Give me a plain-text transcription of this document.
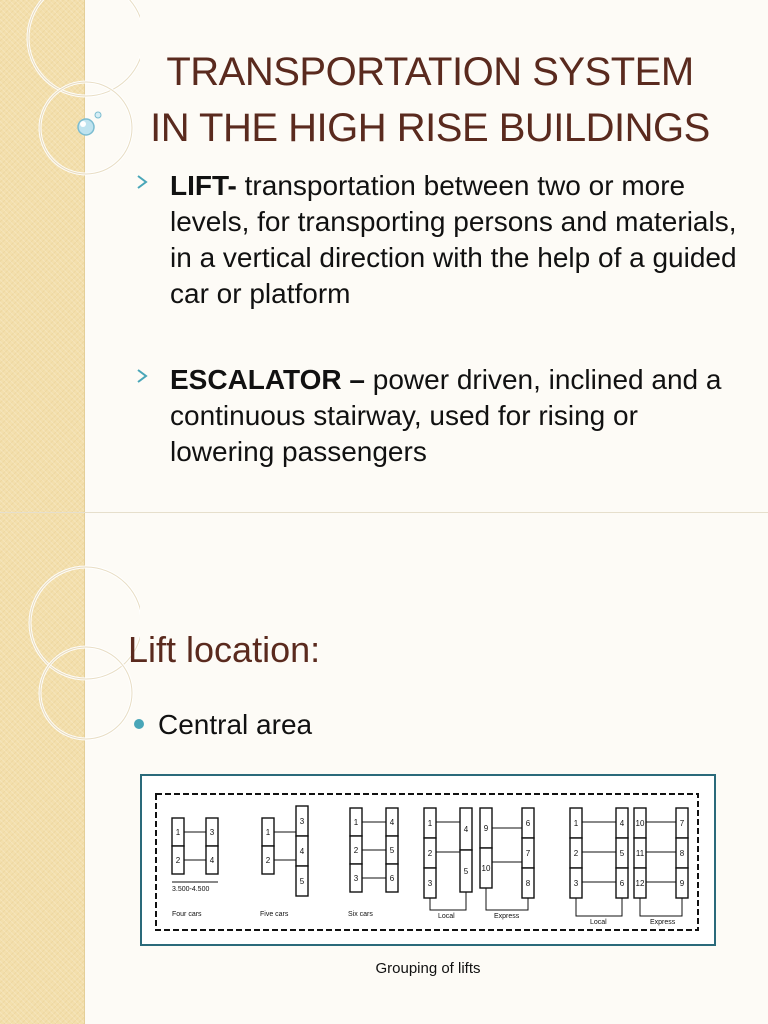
TRANSPORTATION SYSTEM
IN THE HIGH RISE BUILDINGS
LIFT- transportation between two or more levels, for transporting persons and materials, in a vertical direction with the help of a guided car or platform
ESCALATOR – power driven, inclined and a continuous stairway, used for rising or lowering passengers
Lift location:
Central area
1
2
3
4
1
2
3
4
5
1
2
3
4
5
6
1
2
3
4
5
9
10
6
7
8
1
2
3
4
5
6
10
11
12
7
8
9
3.500-4.500
Four cars	Five cars	Six cars	Local	Express
Local	Express
Grouping of lifts
